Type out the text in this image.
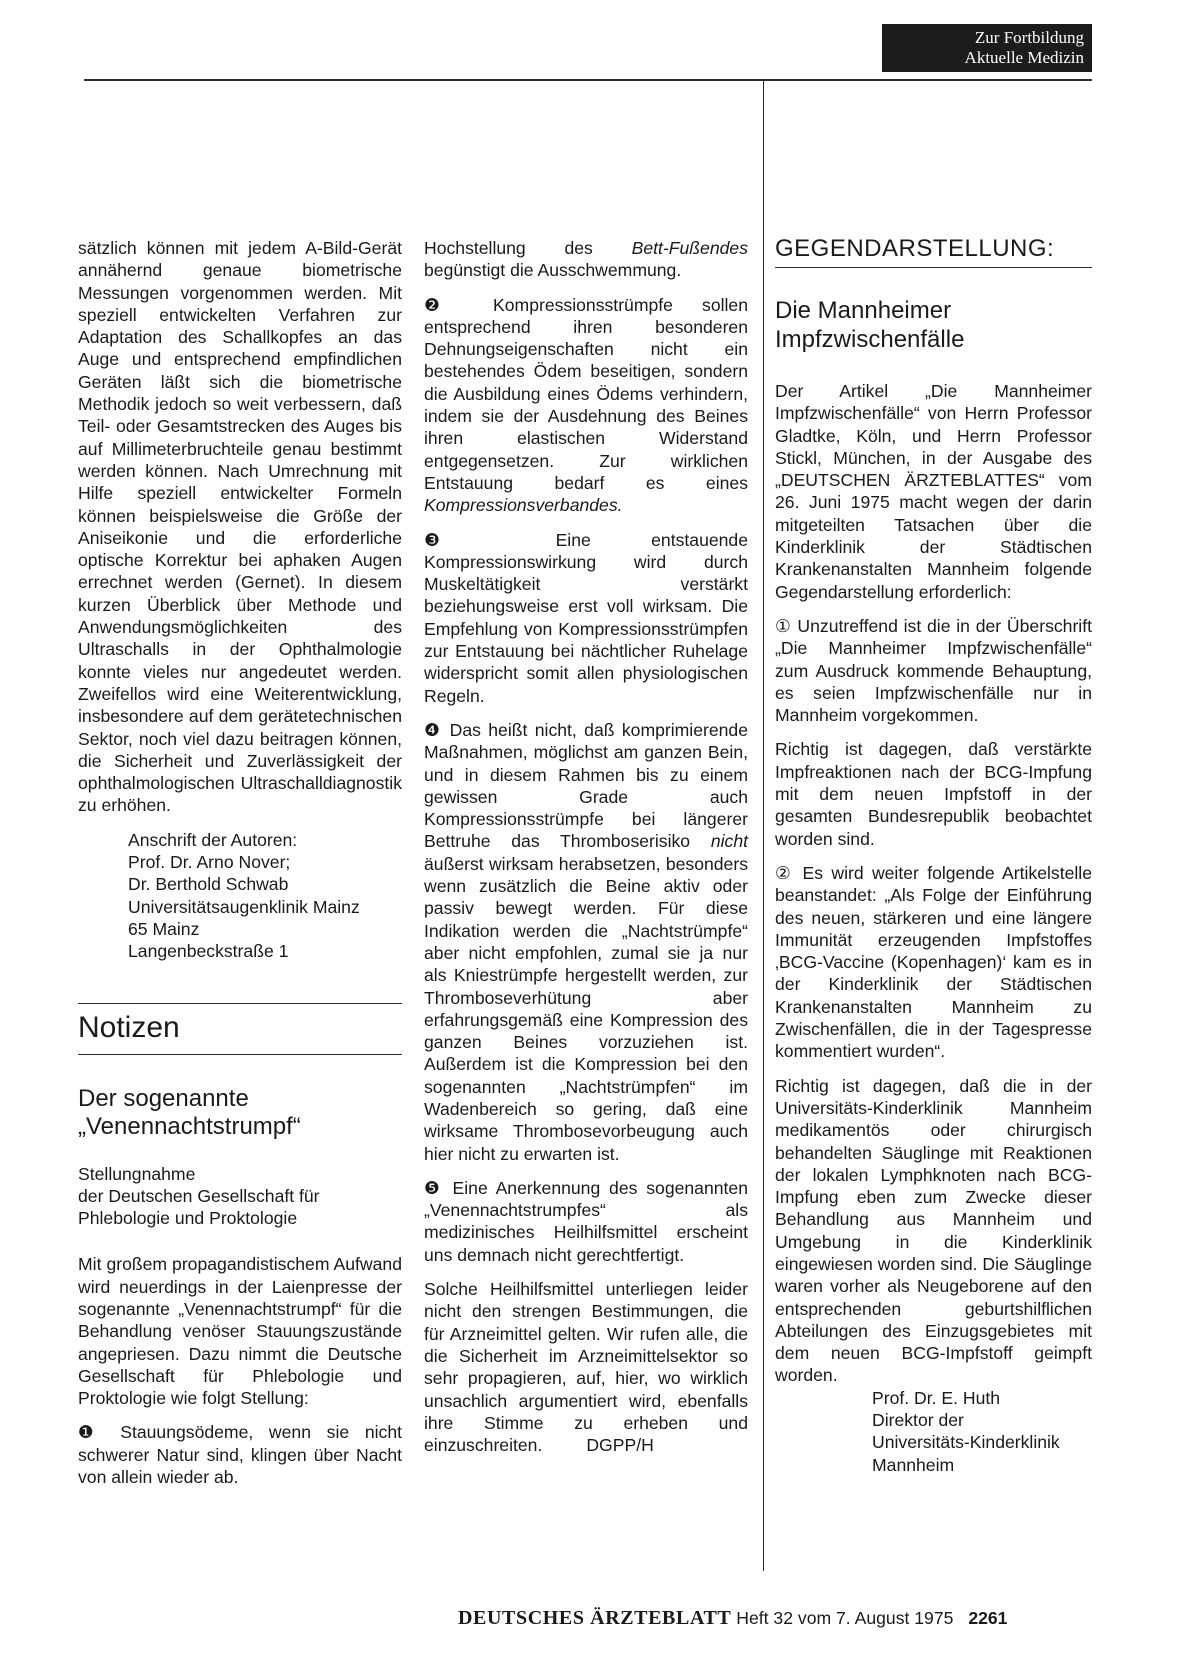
Zur Fortbildung
Aktuelle Medizin

sätzlich können mit jedem A-Bild-Gerät annähernd genaue biometrische Messungen vorgenommen werden. Mit speziell entwickelten Verfahren zur Adaptation des Schallkopfes an das Auge und entsprechend empfindlichen Geräten läßt sich die biometrische Methodik jedoch so weit verbessern, daß Teil- oder Gesamtstrecken des Auges bis auf Millimeterbruchteile genau bestimmt werden können. Nach Umrechnung mit Hilfe speziell entwickelter Formeln können beispielsweise die Größe der Aniseikonie und die erforderliche optische Korrektur bei aphaken Augen errechnet werden (Gernet). In diesem kurzen Überblick über Methode und Anwendungsmöglichkeiten des Ultraschalls in der Ophthalmologie konnte vieles nur angedeutet werden. Zweifellos wird eine Weiterentwicklung, insbesondere auf dem gerätetechnischen Sektor, noch viel dazu beitragen können, die Sicherheit und Zuverlässigkeit der ophthalmologischen Ultraschalldiagnostik zu erhöhen.

Anschrift der Autoren:
Prof. Dr. Arno Nover;
Dr. Berthold Schwab
Universitätsaugenklinik Mainz
65 Mainz
Langenbeckstraße 1
Notizen
Der sogenannte
„Venennachtstrumpf“
Stellungnahme
der Deutschen Gesellschaft für
Phlebologie und Proktologie

Mit großem propagandistischem Aufwand wird neuerdings in der Laienpresse der sogenannte „Venennachtstrumpf“ für die Behandlung venöser Stauungszustände angepriesen. Dazu nimmt die Deutsche Gesellschaft für Phlebologie und Proktologie wie folgt Stellung:

❶ Stauungsödeme, wenn sie nicht schwerer Natur sind, klingen über Nacht von allein wieder ab.

Hochstellung des Bett-Fußendes begünstigt die Ausschwemmung.

❷ Kompressionsstrümpfe sollen entsprechend ihren besonderen Dehnungseigenschaften nicht ein bestehendes Ödem beseitigen, sondern die Ausbildung eines Ödems verhindern, indem sie der Ausdehnung des Beines ihren elastischen Widerstand entgegensetzen. Zur wirklichen Entstauung bedarf es eines Kompressionsverbandes.

❸ Eine entstauende Kompressionswirkung wird durch Muskeltätigkeit verstärkt beziehungsweise erst voll wirksam. Die Empfehlung von Kompressionsstrümpfen zur Entstauung bei nächtlicher Ruhelage widerspricht somit allen physiologischen Regeln.

❹ Das heißt nicht, daß komprimierende Maßnahmen, möglichst am ganzen Bein, und in diesem Rahmen bis zu einem gewissen Grade auch Kompressionsstrümpfe bei längerer Bettruhe das Thromboserisiko nicht äußerst wirksam herabsetzen, besonders wenn zusätzlich die Beine aktiv oder passiv bewegt werden. Für diese Indikation werden die „Nachtstrümpfe“ aber nicht empfohlen, zumal sie ja nur als Kniestrümpfe hergestellt werden, zur Thromboseverhütung aber erfahrungsgemäß eine Kompression des ganzen Beines vorzuziehen ist. Außerdem ist die Kompression bei den sogenannten „Nachtstrümpfen“ im Wadenbereich so gering, daß eine wirksame Thrombosevorbeugung auch hier nicht zu erwarten ist.

❺ Eine Anerkennung des sogenannten „Venennachtstrumpfes“ als medizinisches Heilhilfsmittel erscheint uns demnach nicht gerechtfertigt.

Solche Heilhilfsmittel unterliegen leider nicht den strengen Bestimmungen, die für Arzneimittel gelten. Wir rufen alle, die die Sicherheit im Arzneimittelsektor so sehr propagieren, auf, hier, wo wirklich unsachlich argumentiert wird, ebenfalls ihre Stimme zu erheben und einzuschreiten.	DGPP/H

GEGENDARSTELLUNG:
Die Mannheimer
Impfzwischenfälle

Der Artikel „Die Mannheimer Impfzwischenfälle“ von Herrn Professor Gladtke, Köln, und Herrn Professor Stickl, München, in der Ausgabe des „DEUTSCHEN ÄRZTEBLATTES“ vom 26. Juni 1975 macht wegen der darin mitgeteilten Tatsachen über die Kinderklinik der Städtischen Krankenanstalten Mannheim folgende Gegendarstellung erforderlich:

① Unzutreffend ist die in der Überschrift „Die Mannheimer Impfzwischenfälle“ zum Ausdruck kommende Behauptung, es seien Impfzwischenfälle nur in Mannheim vorgekommen.

Richtig ist dagegen, daß verstärkte Impfreaktionen nach der BCG-Impfung mit dem neuen Impfstoff in der gesamten Bundesrepublik beobachtet worden sind.

② Es wird weiter folgende Artikelstelle beanstandet: „Als Folge der Einführung des neuen, stärkeren und eine längere Immunität erzeugenden Impfstoffes ‚BCG-Vaccine (Kopenhagen)‘ kam es in der Kinderklinik der Städtischen Krankenanstalten Mannheim zu Zwischenfällen, die in der Tagespresse kommentiert wurden“.

Richtig ist dagegen, daß die in der Universitäts-Kinderklinik Mannheim medikamentös oder chirurgisch behandelten Säuglinge mit Reaktionen der lokalen Lymphknoten nach BCG-Impfung eben zum Zwecke dieser Behandlung aus Mannheim und Umgebung in die Kinderklinik eingewiesen worden sind. Die Säuglinge waren vorher als Neugeborene auf den entsprechenden geburtshilflichen Abteilungen des Einzugsgebietes mit dem neuen BCG-Impfstoff geimpft worden.

Prof. Dr. E. Huth
Direktor der
Universitäts-Kinderklinik
Mannheim
DEUTSCHES ÄRZTEBLATT Heft 32 vom 7. August 1975 2261
